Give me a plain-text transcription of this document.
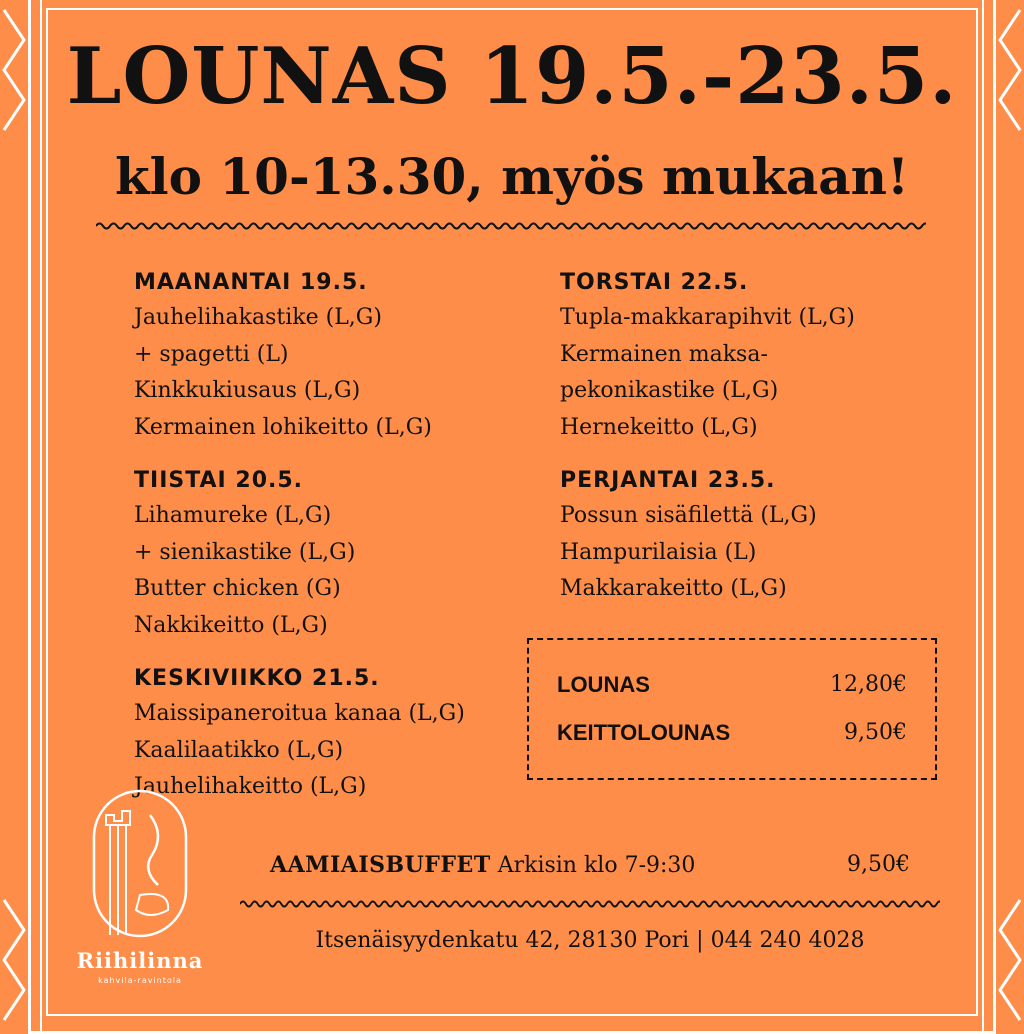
LOUNAS 19.5.-23.5.
klo 10-13.30, myös mukaan!
MAANANTAI 19.5.
Jauhelihakastike (L,G)
+ spagetti (L)
Kinkkukiusaus (L,G)
Kermainen lohikeitto (L,G)
TIISTAI 20.5.
Lihamureke (L,G)
+ sienikastike (L,G)
Butter chicken (G)
Nakkikeitto (L,G)
KESKIVIIKKO 21.5.
Maissipaneroitua kanaa (L,G)
Kaalilaatikko (L,G)
Jauhelihakeitto (L,G)
TORSTAI 22.5.
Tupla-makkarapihvit (L,G)
Kermainen maksa-
pekonikastike (L,G)
Hernekeitto (L,G)
PERJANTAI 23.5.
Possun sisäfilettä (L,G)
Hampurilaisia (L)
Makkarakeitto (L,G)
LOUNAS	12,80€
KEITTOLOUNAS	9,50€
Riihilinna
kahvila-ravintola
AAMIAISBUFFET Arkisin klo 7-9:30	9,50€
Itsenäisyydenkatu 42, 28130 Pori | 044 240 4028
